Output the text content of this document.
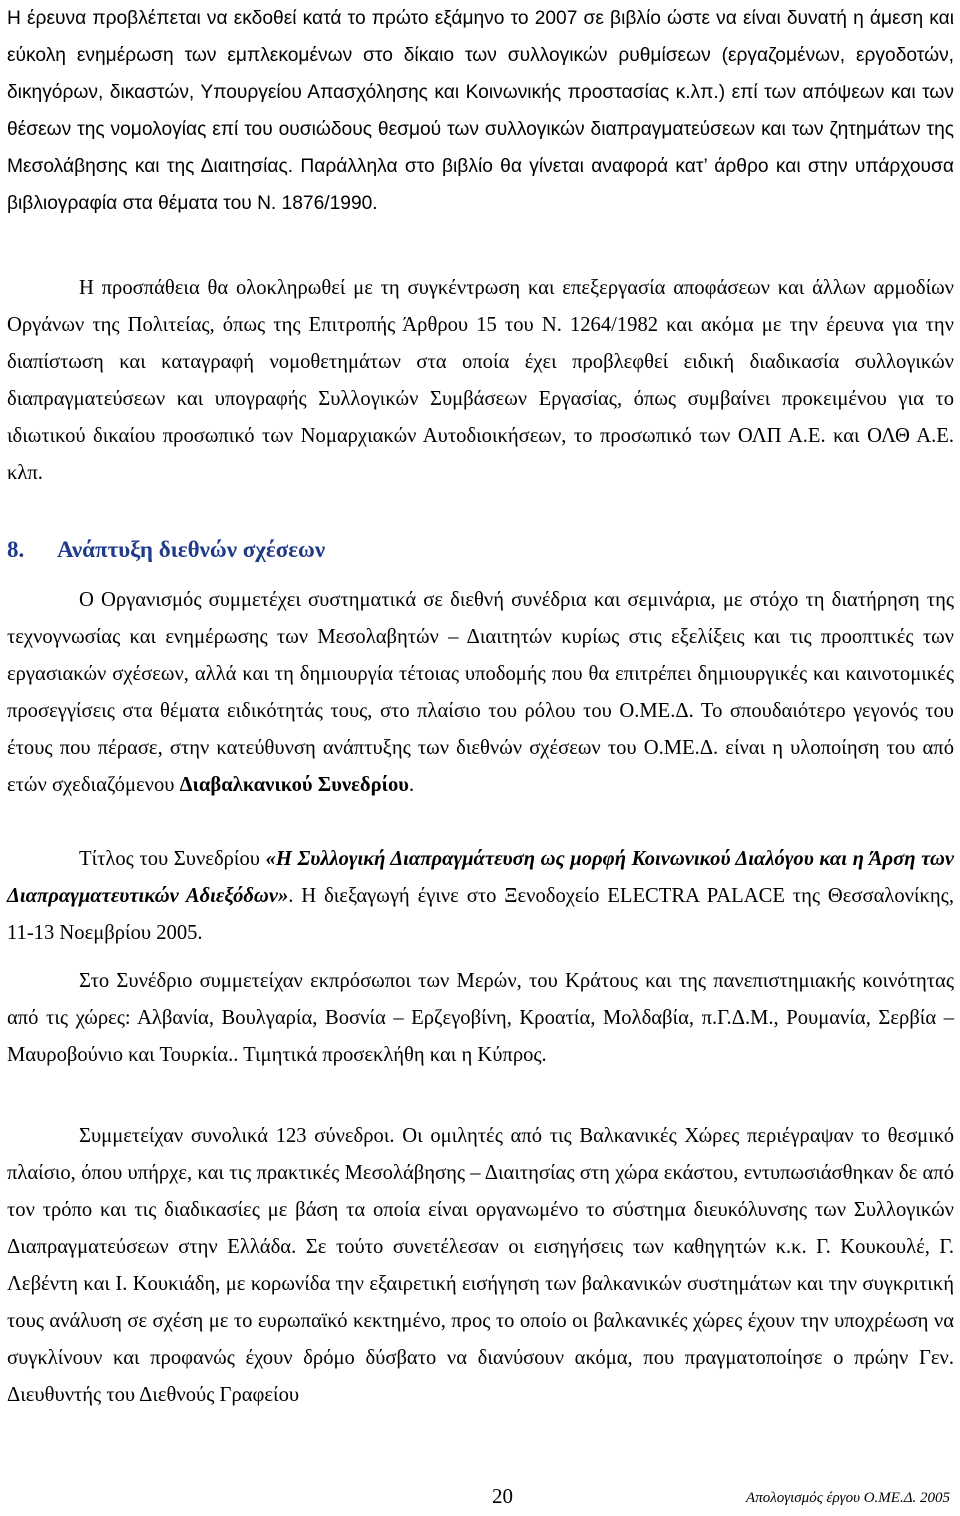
Η έρευνα προβλέπεται να εκδοθεί κατά το πρώτο εξάμηνο το 2007 σε βιβλίο ώστε να είναι δυνατή η άμεση και εύκολη ενημέρωση των εμπλεκομένων στο δίκαιο των συλλογικών ρυθμίσεων (εργαζομένων, εργοδοτών, δικηγόρων, δικαστών, Υπουργείου Απασχόλησης και Κοινωνικής προστασίας κ.λπ.) επί των απόψεων και των θέσεων της νομολογίας επί του ουσιώδους θεσμού των συλλογικών διαπραγματεύσεων και των ζητημάτων της Μεσολάβησης και της Διαιτησίας. Παράλληλα στο βιβλίο θα γίνεται αναφορά κατ’ άρθρο και στην υπάρχουσα βιβλιογραφία στα θέματα του Ν. 1876/1990.

Η προσπάθεια θα ολοκληρωθεί με τη συγκέντρωση και επεξεργασία αποφάσεων και άλλων αρμοδίων Οργάνων της Πολιτείας, όπως της Επιτροπής Άρθρου 15 του Ν. 1264/1982 και ακόμα με την έρευνα για την διαπίστωση και καταγραφή νομοθετημάτων στα οποία έχει προβλεφθεί ειδική διαδικασία συλλογικών διαπραγματεύσεων και υπογραφής Συλλογικών Συμβάσεων Εργασίας, όπως συμβαίνει προκειμένου για το ιδιωτικού δικαίου προσωπικό των Νομαρχιακών Αυτοδιοικήσεων, το προσωπικό των ΟΛΠ Α.Ε. και ΟΛΘ Α.Ε. κλπ.

8. Ανάπτυξη διεθνών σχέσεων

Ο Οργανισμός συμμετέχει συστηματικά σε διεθνή συνέδρια και σεμινάρια, με στόχο τη διατήρηση της τεχνογνωσίας και ενημέρωσης των Μεσολαβητών – Διαιτητών κυρίως στις εξελίξεις και τις προοπτικές των εργασιακών σχέσεων, αλλά και τη δημιουργία τέτοιας υποδομής που θα επιτρέπει δημιουργικές και καινοτομικές προσεγγίσεις στα θέματα ειδικότητάς τους, στο πλαίσιο του ρόλου του Ο.ΜΕ.Δ. Το σπουδαιότερο γεγονός του έτους που πέρασε, στην κατεύθυνση ανάπτυξης των διεθνών σχέσεων του Ο.ΜΕ.Δ. είναι η υλοποίηση του από ετών σχεδιαζόμενου Διαβαλκανικού Συνεδρίου.

Τίτλος του Συνεδρίου «Η Συλλογική Διαπραγμάτευση ως μορφή Κοινωνικού Διαλόγου και η Άρση των Διαπραγματευτικών Αδιεξόδων». Η διεξαγωγή έγινε στο Ξενοδοχείο ELECTRA PALACE της Θεσσαλονίκης, 11-13 Νοεμβρίου 2005.

Στο Συνέδριο συμμετείχαν εκπρόσωποι των Μερών, του Κράτους και της πανεπιστημιακής κοινότητας από τις χώρες: Αλβανία, Βουλγαρία, Βοσνία – Ερζεγοβίνη, Κροατία, Μολδαβία, π.Γ.Δ.Μ., Ρουμανία, Σερβία – Μαυροβούνιο και Τουρκία.. Τιμητικά προσεκλήθη και η Κύπρος.

Συμμετείχαν συνολικά 123 σύνεδροι. Οι ομιλητές από τις Βαλκανικές Χώρες περιέγραψαν το θεσμικό πλαίσιο, όπου υπήρχε, και τις πρακτικές Μεσολάβησης – Διαιτησίας στη χώρα εκάστου, εντυπωσιάσθηκαν δε από τον τρόπο και τις διαδικασίες με βάση τα οποία είναι οργανωμένο το σύστημα διευκόλυνσης των Συλλογικών Διαπραγματεύσεων στην Ελλάδα. Σε τούτο συνετέλεσαν οι εισηγήσεις των καθηγητών κ.κ. Γ. Κουκουλέ, Γ. Λεβέντη και Ι. Κουκιάδη, με κορωνίδα την εξαιρετική εισήγηση των βαλκανικών συστημάτων και την συγκριτική τους ανάλυση σε σχέση με το ευρωπαϊκό κεκτημένο, προς το οποίο οι βαλκανικές χώρες έχουν την υποχρέωση να συγκλίνουν και προφανώς έχουν δρόμο δύσβατο να διανύσουν ακόμα, που πραγματοποίησε ο πρώην Γεν. Διευθυντής του Διεθνούς Γραφείου

20	Απολογισμός έργου Ο.ΜΕ.Δ. 2005
